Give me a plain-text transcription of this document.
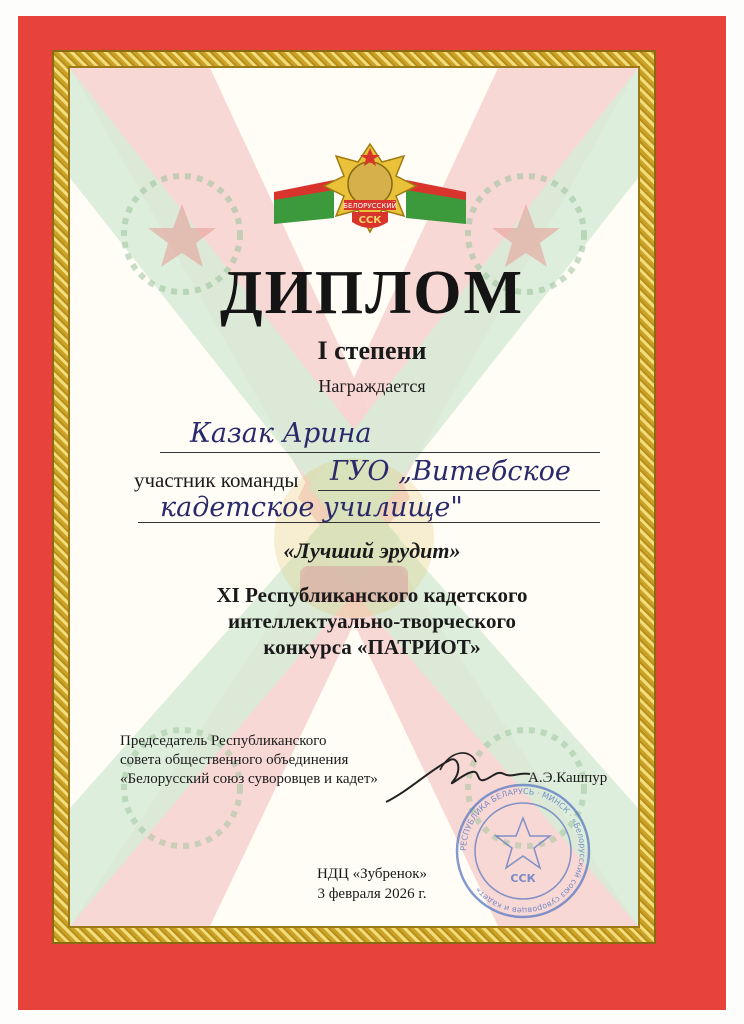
БЕЛОРУССКИЙ
ССК
ДИПЛОМ
I степени
Награждается
Казак Арина
участник команды ГУО „Витебское
кадетское училище"
«Лучший эрудит»
XI Республиканского кадетского
интеллектуально-творческого
конкурса «ПАТРИОТ»
Председатель Республиканского
совета общественного объединения
«Белорусский союз суворовцев и кадет»	А.Э.Кашпур
РЕСПУБЛИКА БЕЛАРУСЬ · МИНСК · «Белорусский союз суворовцев и кадет»
ССК
НДЦ «Зубренок»
3 февраля 2026 г.
